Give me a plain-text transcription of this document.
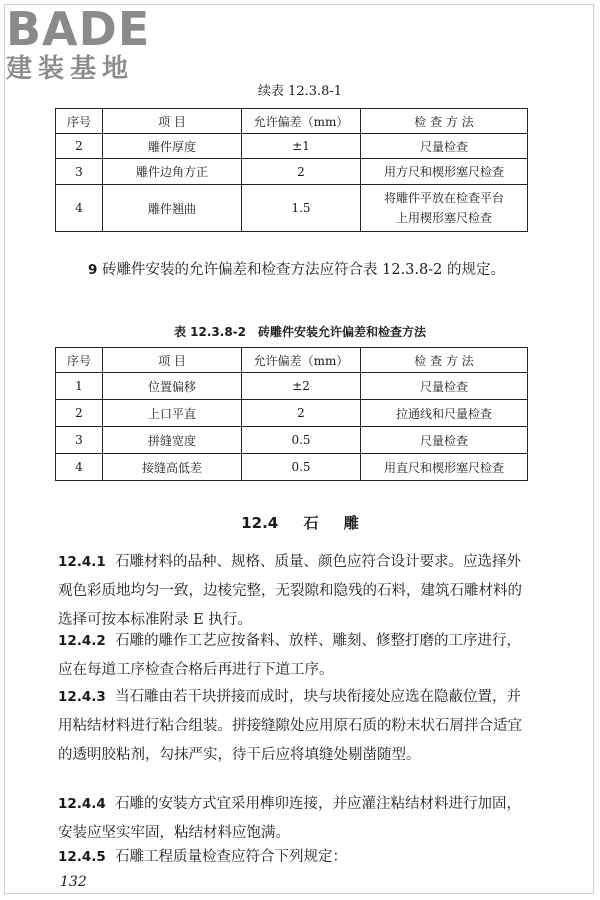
BADE
建装基地
续表 12.3.8-1
序号	项 目	允许偏差（mm）	检 查 方 法
2	雕件厚度	±1	尺量检查
3	雕件边角方正	2	用方尺和楔形塞尺检查
4	雕件翘曲	1.5	将雕件平放在检查平台上用楔形塞尺检查
9 砖雕件安装的允许偏差和检查方法应符合表 12.3.8-2 的规定。
表 12.3.8-2　砖雕件安装允许偏差和检查方法
序号	项 目	允许偏差（mm）	检 查 方 法
1	位置偏移	±2	尺量检查
2	上口平直	2	拉通线和尺量检查
3	拼缝宽度	0.5	尺量检查
4	接缝高低差	0.5	用直尺和楔形塞尺检查
12.4 石 雕
12.4.1 石雕材料的品种、规格、质量、颜色应符合设计要求。应选择外观色彩质地均匀一致，边棱完整，无裂隙和隐残的石料，建筑石雕材料的选择可按本标准附录 E 执行。
12.4.2 石雕的雕作工艺应按备料、放样、雕刻、修整打磨的工序进行，应在每道工序检查合格后再进行下道工序。
12.4.3 当石雕由若干块拼接而成时，块与块衔接处应选在隐蔽位置，并用粘结材料进行粘合组装。拼接缝隙处应用原石质的粉末状石屑拌合适宜的透明胶粘剂，勾抹严实，待干后应将填缝处剔凿随型。
12.4.4 石雕的安装方式宜采用榫卯连接，并应灌注粘结材料进行加固，安装应坚实牢固，粘结材料应饱满。
12.4.5 石雕工程质量检查应符合下列规定：
132
